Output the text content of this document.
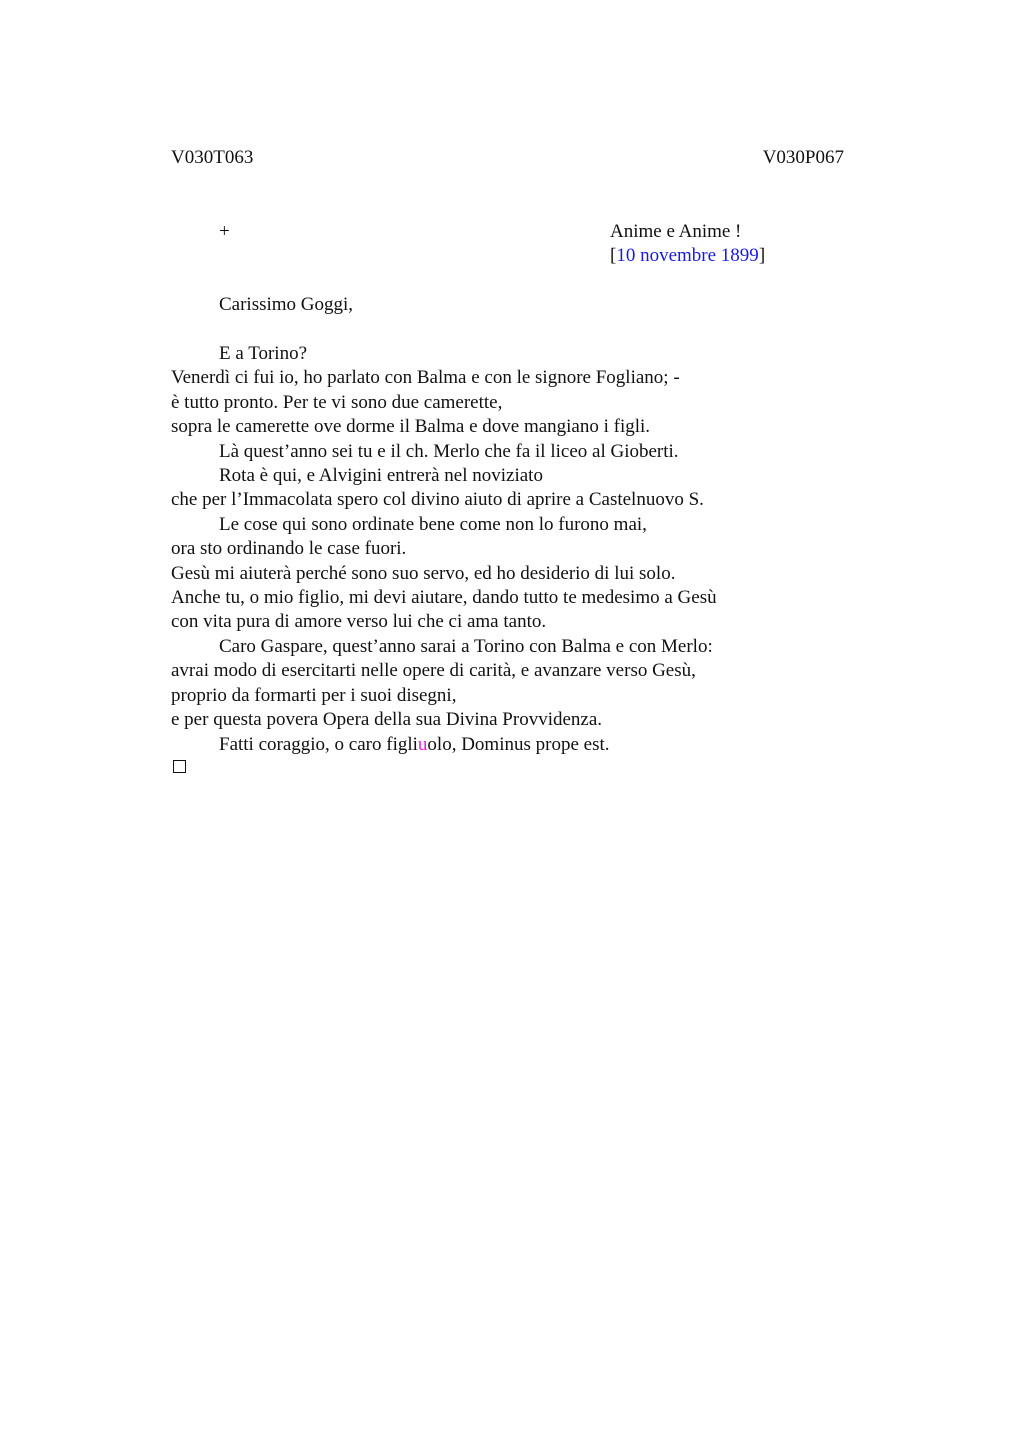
V030T063	V030P067
+	Anime e Anime !
[10 novembre 1899]
Carissimo Goggi,
E a Torino?
Venerdì ci fui io, ho parlato con Balma e con le signore Fogliano; -
è tutto pronto. Per te vi sono due camerette,
sopra le camerette ove dorme il Balma e dove mangiano i figli.
Là quest’anno sei tu e il ch. Merlo che fa il liceo al Gioberti.
Rota è qui, e Alvigini entrerà nel noviziato
che per l’Immacolata spero col divino aiuto di aprire a Castelnuovo S.
Le cose qui sono ordinate bene come non lo furono mai,
ora sto ordinando le case fuori.
Gesù mi aiuterà perché sono suo servo, ed ho desiderio di lui solo.
Anche tu, o mio figlio, mi devi aiutare, dando tutto te medesimo a Gesù
con vita pura di amore verso lui che ci ama tanto.
Caro Gaspare, quest’anno sarai a Torino con Balma e con Merlo:
avrai modo di esercitarti nelle opere di carità, e avanzare verso Gesù,
proprio da formarti per i suoi disegni,
e per questa povera Opera della sua Divina Provvidenza.
Fatti coraggio, o caro figliuolo, Dominus prope est.
